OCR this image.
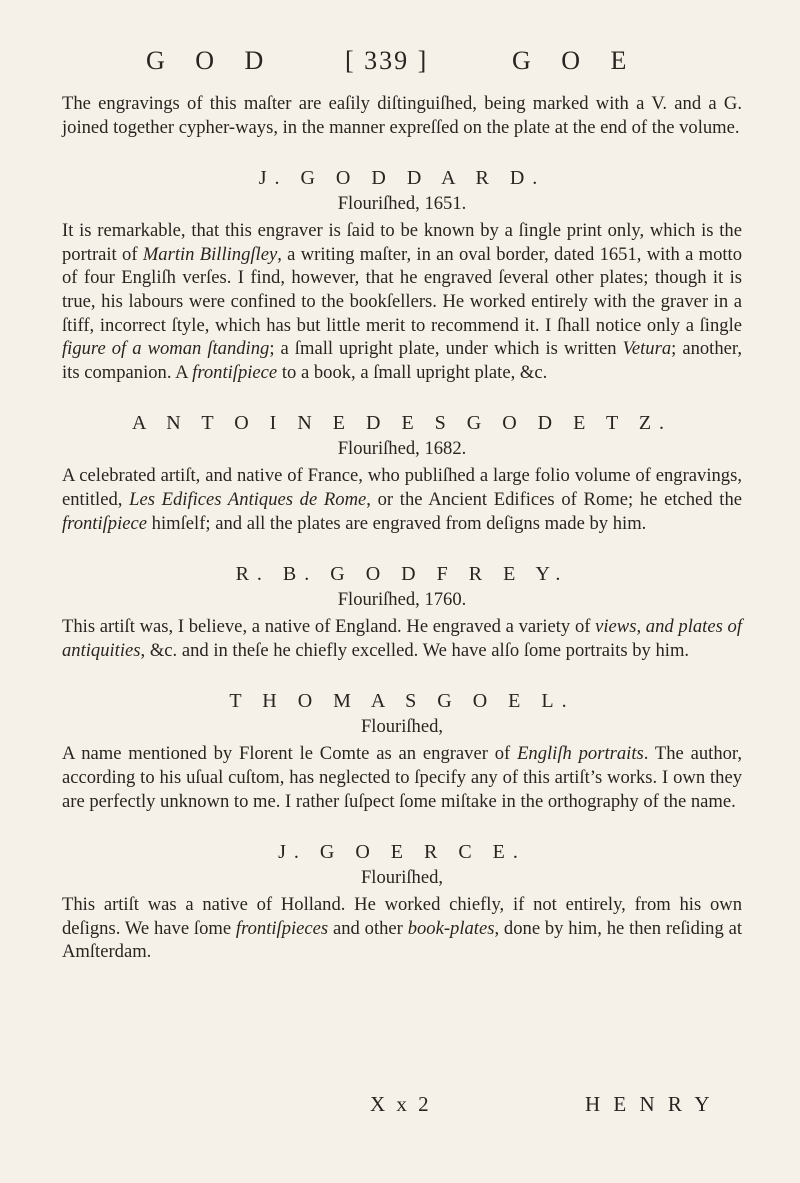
G O D	[ 339 ]	G O E

The engravings of this maſter are eaſily diſtinguiſhed, being marked with a V. and a G. joined together cypher-ways, in the manner expreſſed on the plate at the end of the volume.

J. G O D D A R D.
Flouriſhed, 1651.

It is remarkable, that this engraver is ſaid to be known by a ſingle print only, which is the portrait of Martin Billingſley, a writing maſter, in an oval border, dated 1651, with a motto of four Engliſh verſes. I find, however, that he engraved ſeveral other plates; though it is true, his labours were confined to the bookſellers. He worked entirely with the graver in a ſtiff, incorrect ſtyle, which has but little merit to recommend it. I ſhall notice only a ſingle figure of a woman ſtanding; a ſmall upright plate, under which is written Vetura; another, its companion. A frontiſpiece to a book, a ſmall upright plate, &c.

A N T O I N E D E S G O D E T Z.
Flouriſhed, 1682.

A celebrated artiſt, and native of France, who publiſhed a large folio volume of engravings, entitled, Les Edifices Antiques de Rome, or the Ancient Edifices of Rome; he etched the frontiſpiece himſelf; and all the plates are engraved from deſigns made by him.

R. B. G O D F R E Y.
Flouriſhed, 1760.

This artiſt was, I believe, a native of England. He engraved a variety of views, and plates of antiquities, &c. and in theſe he chiefly excelled. We have alſo ſome portraits by him.

T H O M A S G O E L.
Flouriſhed,

A name mentioned by Florent le Comte as an engraver of Engliſh portraits. The author, according to his uſual cuſtom, has neglected to ſpecify any of this artiſt’s works. I own they are perfectly unknown to me. I rather ſuſpect ſome miſtake in the orthography of the name.

J. G O E R C E.
Flouriſhed,

This artiſt was a native of Holland. He worked chiefly, if not entirely, from his own deſigns. We have ſome frontiſpieces and other book-plates, done by him, he then reſiding at Amſterdam.

X x 2	H E N R Y
